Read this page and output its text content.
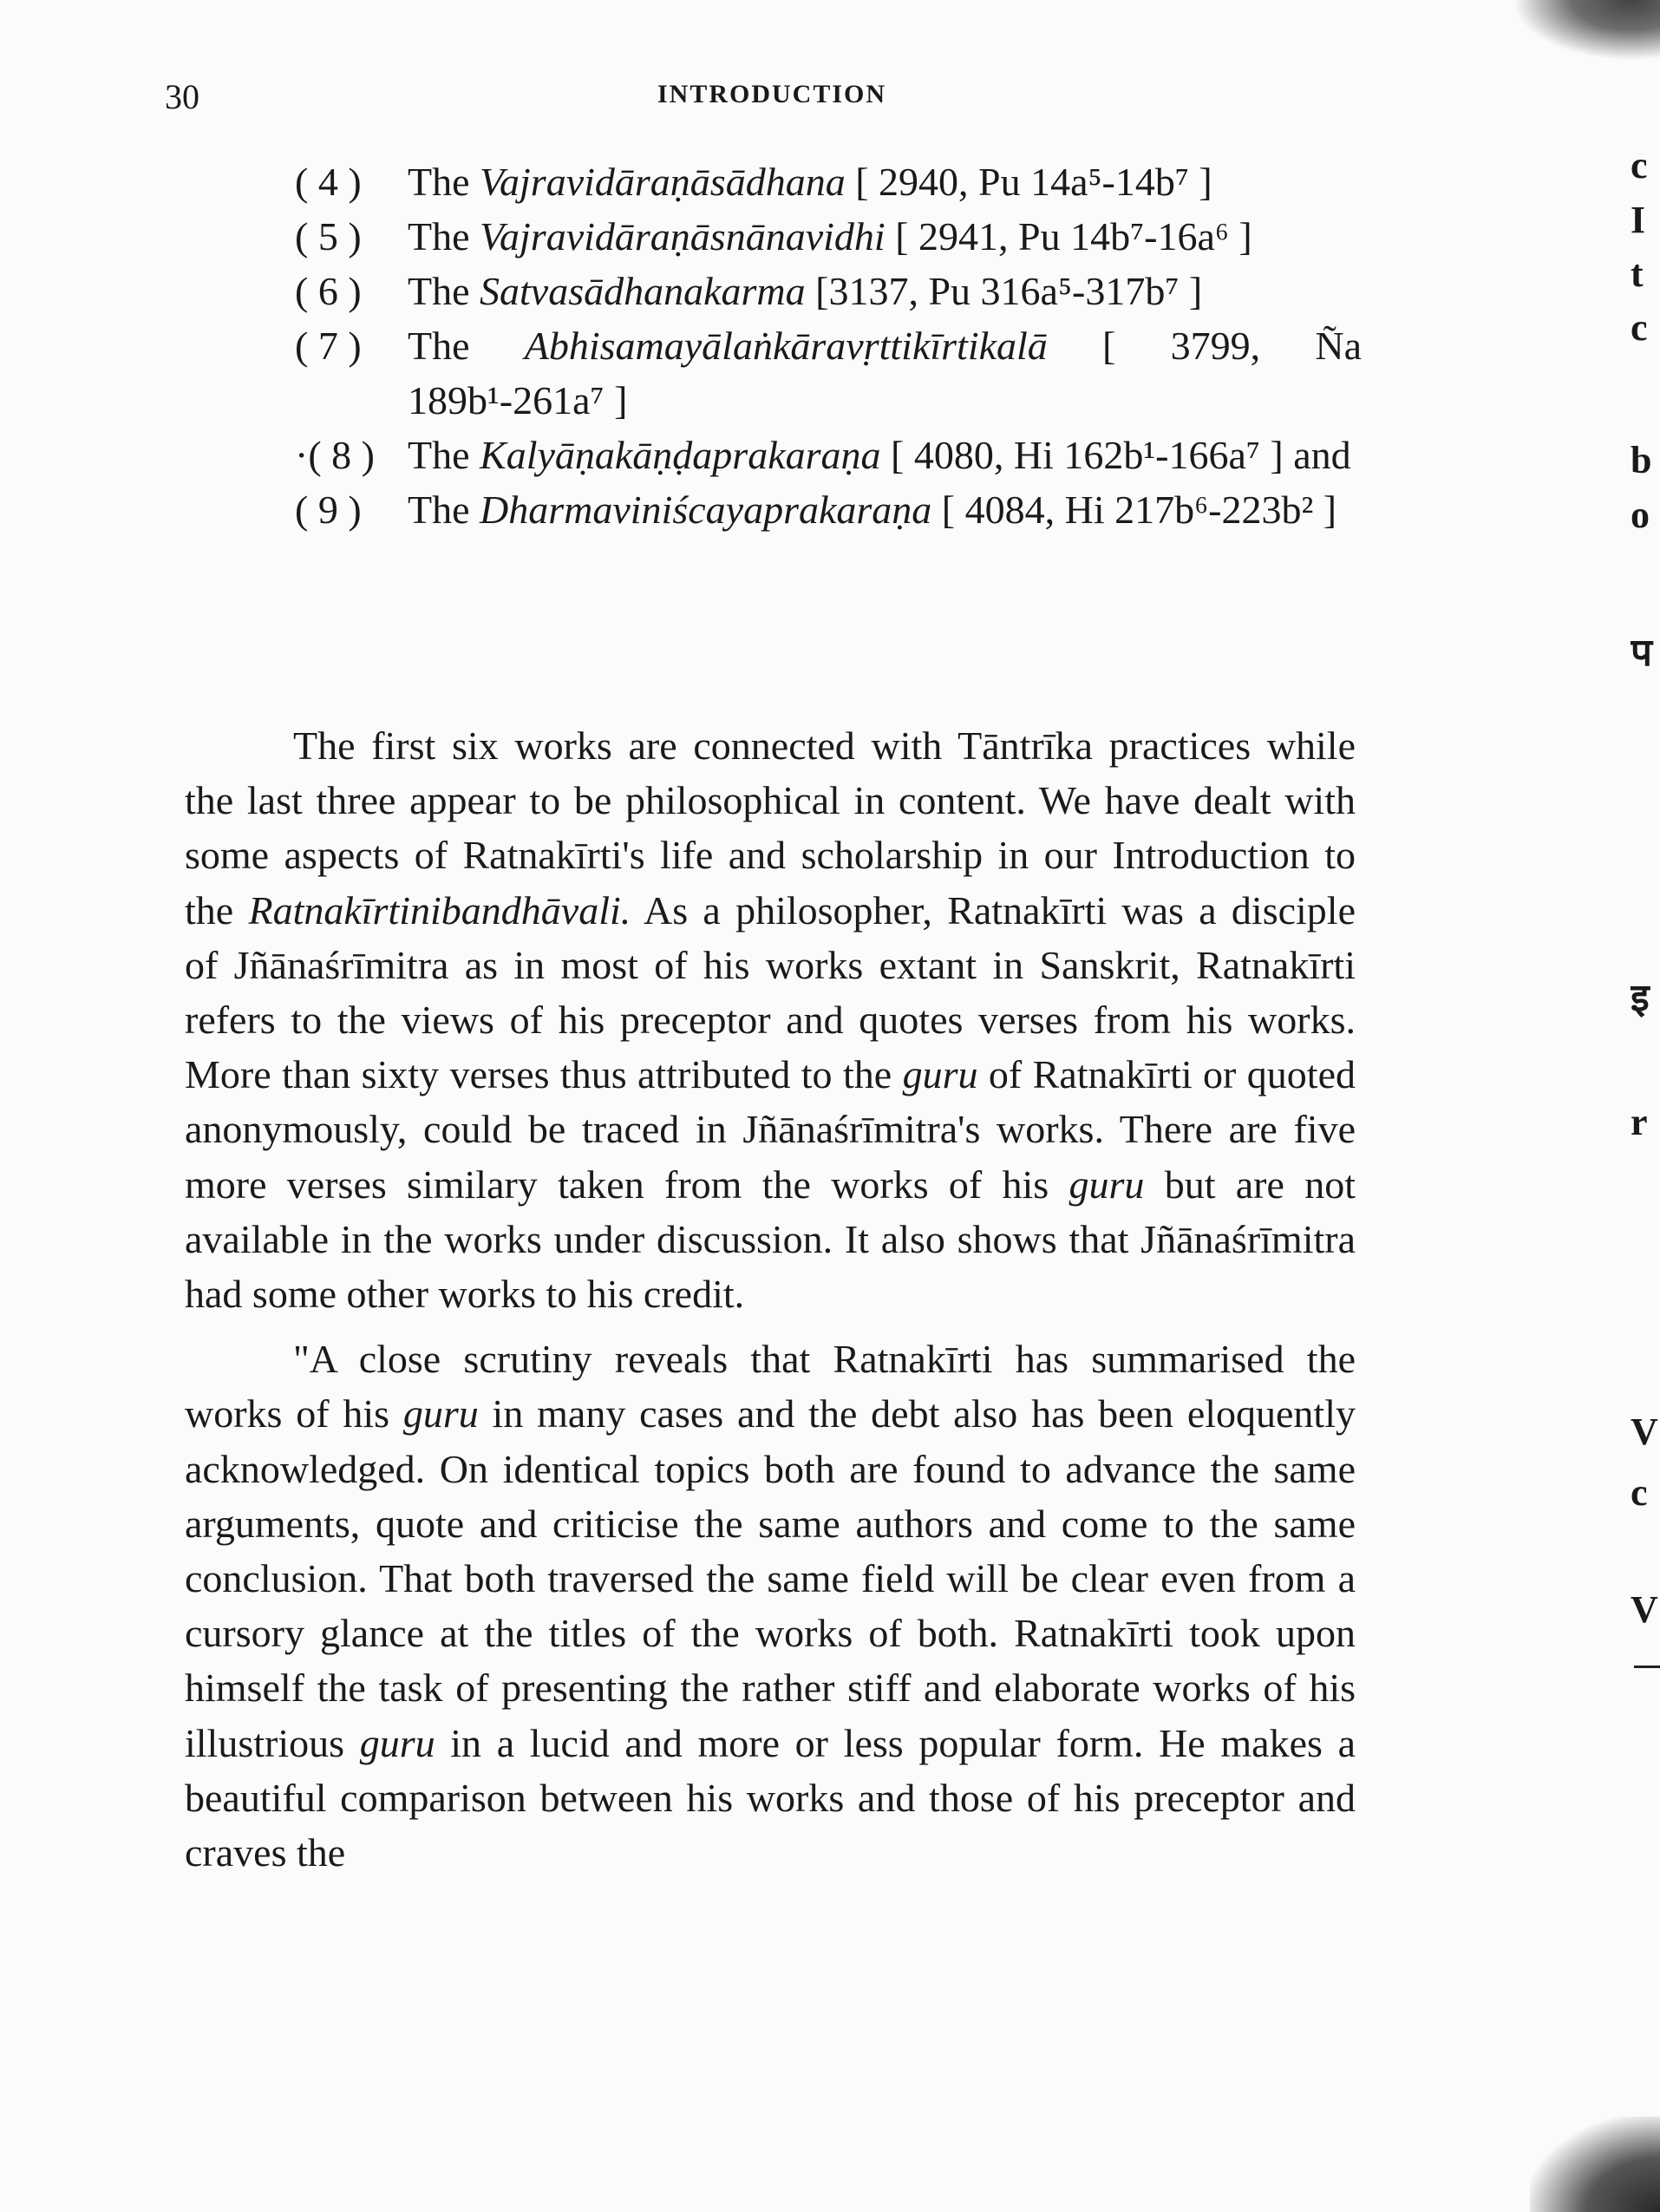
30	INTRODUCTION
( 4 ) The Vajravidāraṇāsādhana [ 2940, Pu 14a⁵-14b⁷ ]
( 5 ) The Vajravidāraṇāsnānavidhi [ 2941, Pu 14b⁷-16a⁶ ]
( 6 ) The Satvasādhanakarma [3137, Pu 316a⁵-317b⁷ ]
( 7 ) The Abhisamayālaṅkāravṛttikīrtikalā [ 3799, Ña 189b¹-261a⁷ ]
·( 8 ) The Kalyāṇakāṇḍaprakaraṇa [ 4080, Hi 162b¹-166a⁷ ] and
( 9 ) The Dharmaviniścayaprakaraṇa [ 4084, Hi 217b⁶-223b² ]

The first six works are connected with Tāntrīka practices while the last three appear to be philosophical in content. We have dealt with some aspects of Ratnakīrti's life and scholarship in our Introduction to the Ratnakīrtinibandhāvali. As a philosopher, Ratnakīrti was a disciple of Jñānaśrīmitra as in most of his works extant in Sanskrit, Ratnakīrti refers to the views of his preceptor and quotes verses from his works. More than sixty verses thus attributed to the guru of Ratnakīrti or quoted anonymously, could be traced in Jñānaśrīmitra's works. There are five more verses similary taken from the works of his guru but are not available in the works under discussion. It also shows that Jñānaśrīmitra had some other works to his credit.

"A close scrutiny reveals that Ratnakīrti has summarised the works of his guru in many cases and the debt also has been eloquently acknowledged. On identical topics both are found to advance the same arguments, quote and criticise the same authors and come to the same conclusion. That both traversed the same field will be clear even from a cursory glance at the titles of the works of both. Ratnakīrti took upon himself the task of presenting the rather stiff and elaborate works of his illustrious guru in a lucid and more or less popular form. He makes a beautiful comparison between his works and those of his preceptor and craves the

c
I
t
c
b
o
प
इ
r
V
c
V
